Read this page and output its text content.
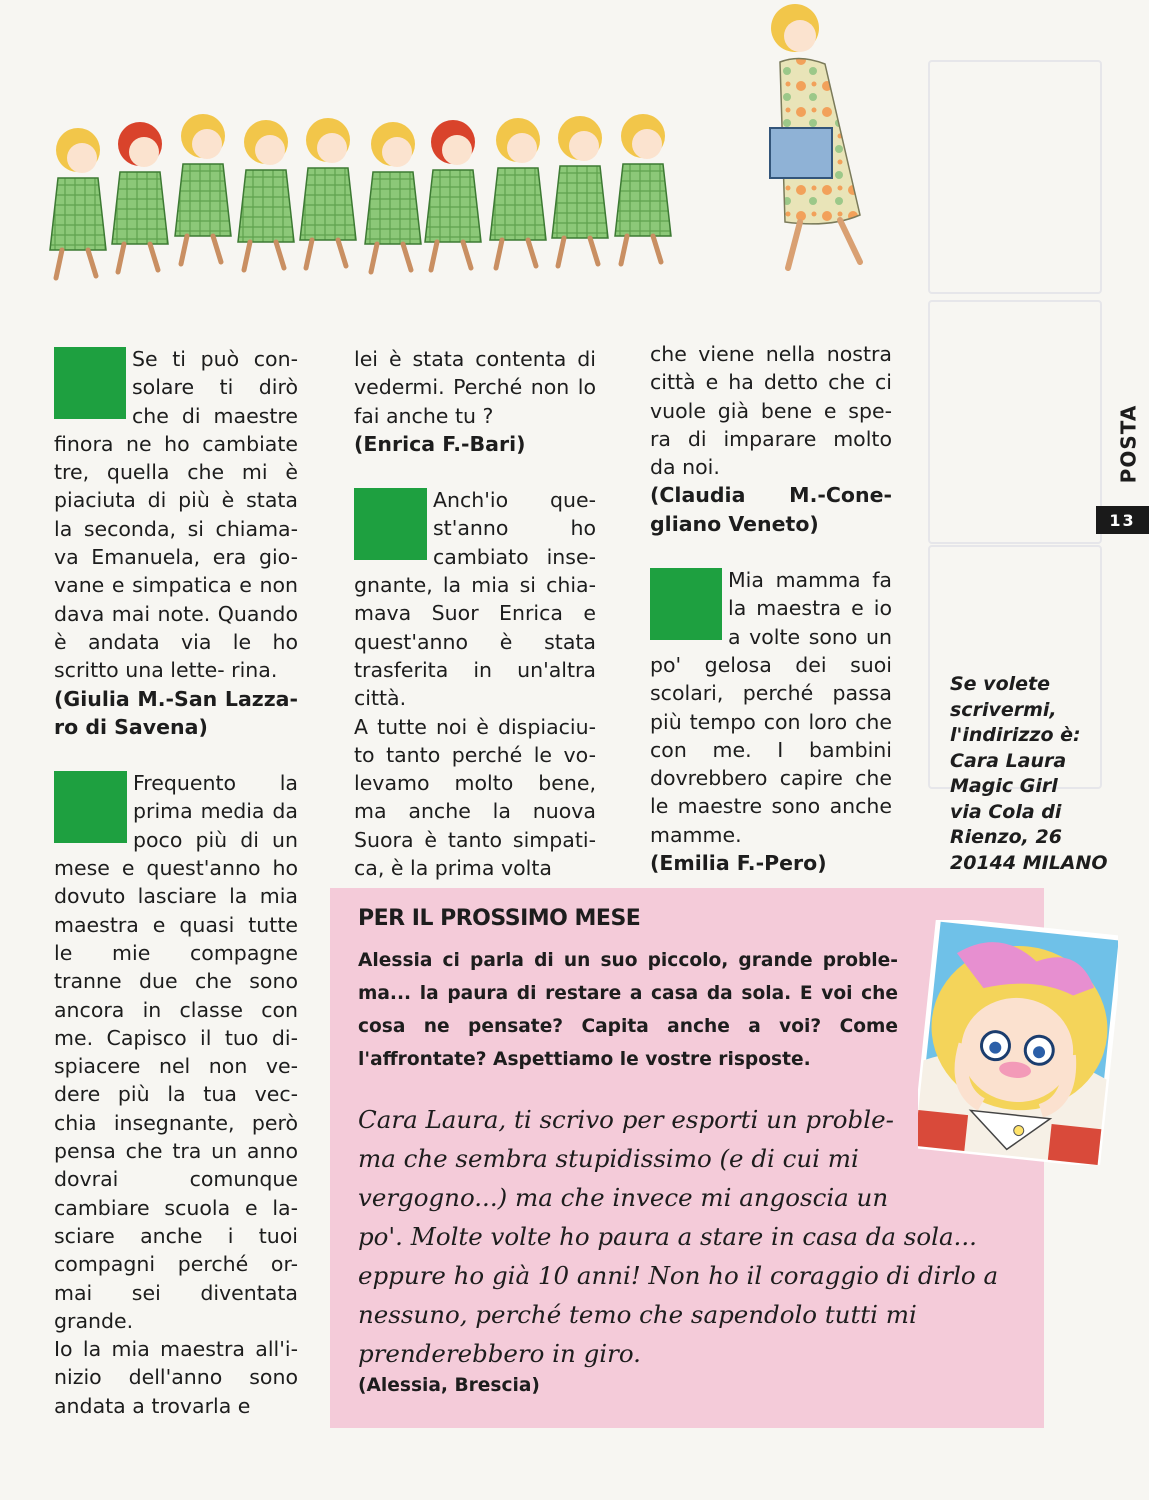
Se ti può con- solare ti dirò che di maestre finora ne ho cambiate tre, quella che mi è piaciuta di più è stata la seconda, si chiama- va Emanuela, era gio- vane e simpatica e non dava mai note. Quando è andata via le ho scritto una lette- rina.

(Giulia M.-San Lazza- ro di Savena)

Frequento la prima media da poco più di un mese e quest'anno ho dovuto lasciare la mia maestra e quasi tutte le mie compagne tranne due che sono ancora in classe con me. Capisco il tuo di- spiacere nel non ve- dere più la tua vec- chia insegnante, però pensa che tra un anno dovrai comunque cambiare scuola e la- sciare anche i tuoi compagni perché or- mai sei diventata grande.

Io la mia maestra all'i- nizio dell'anno sono andata a trovarla e

lei è stata contenta di vedermi. Perché non lo fai anche tu ?

(Enrica F.-Bari)

Anch'io que- st'anno ho cambiato inse- gnante, la mia si chia- mava Suor Enrica e quest'anno è stata trasferita in un'altra città.

A tutte noi è dispiaciu- to tanto perché le vo- levamo molto bene, ma anche la nuova Suora è tanto simpati- ca, è la prima volta

che viene nella nostra città e ha detto che ci vuole già bene e spe- ra di imparare molto da noi.

(Claudia M.-Cone- gliano Veneto)

Mia mamma fa la maestra e io a volte sono un po' gelosa dei suoi scolari, perché passa più tempo con loro che con me. I bambini dovrebbero capire che le maestre sono anche mamme.

(Emilia F.-Pero)

Se volete
scrivermi,
l'indirizzo è:
Cara Laura
Magic Girl
via Cola di
Rienzo, 26
20144 MILANO
POSTA
13
PER IL PROSSIMO MESE

Alessia ci parla di un suo piccolo, grande proble- ma... la paura di restare a casa da sola. E voi che cosa ne pensate? Capita anche a voi? Come l'affrontate? Aspettiamo le vostre risposte.

Cara Laura, ti scrivo per esporti un proble- ma che sembra stupidissimo (e di cui mi vergogno...) ma che invece mi angoscia un po'. Molte volte ho paura a stare in casa da sola... eppure ho già 10 anni! Non ho il coraggio di dirlo a nessuno, perché temo che sapendolo tutti mi prenderebbero in giro.

(Alessia, Brescia)
